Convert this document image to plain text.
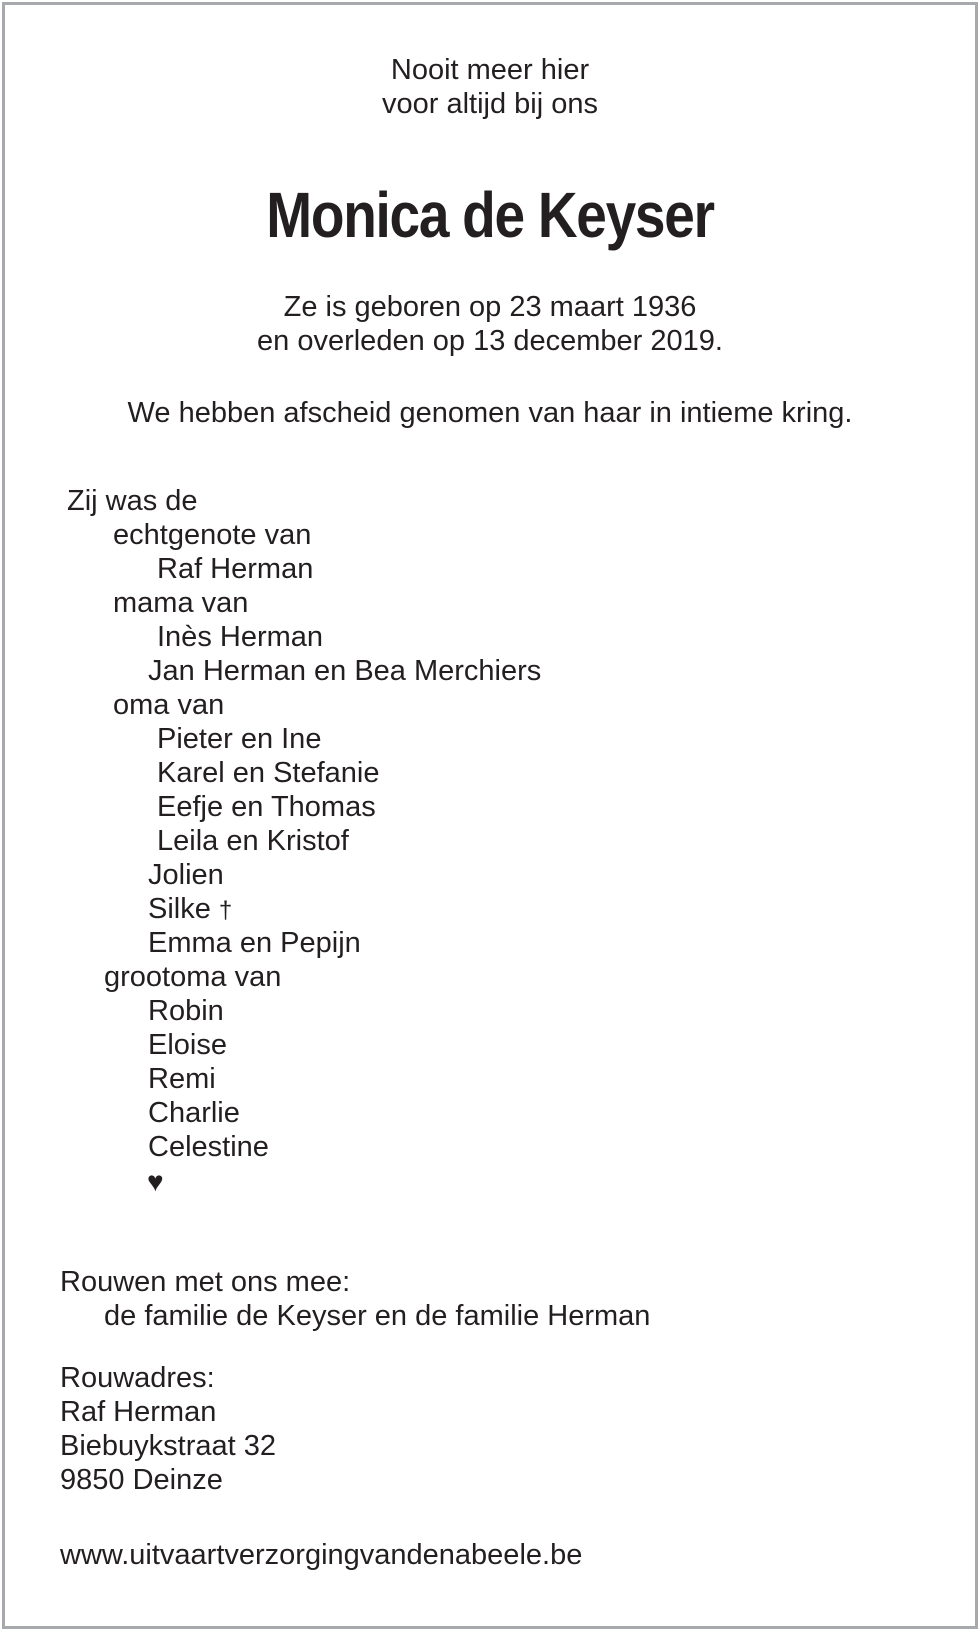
Nooit meer hier
voor altijd bij ons
Monica de Keyser
Ze is geboren op 23 maart 1936
en overleden op 13 december 2019.
We hebben afscheid genomen van haar in intieme kring.
Zij was de
echtgenote van
Raf Herman
mama van
Inès Herman
Jan Herman en Bea Merchiers
oma van
Pieter en Ine
Karel en Stefanie
Eefje en Thomas
Leila en Kristof
Jolien
Silke †
Emma en Pepijn
grootoma van
Robin
Eloise
Remi
Charlie
Celestine
♥
Rouwen met ons mee:
de familie de Keyser en de familie Herman
Rouwadres:
Raf Herman
Biebuykstraat 32
9850 Deinze
www.uitvaartverzorgingvandenabeele.be
